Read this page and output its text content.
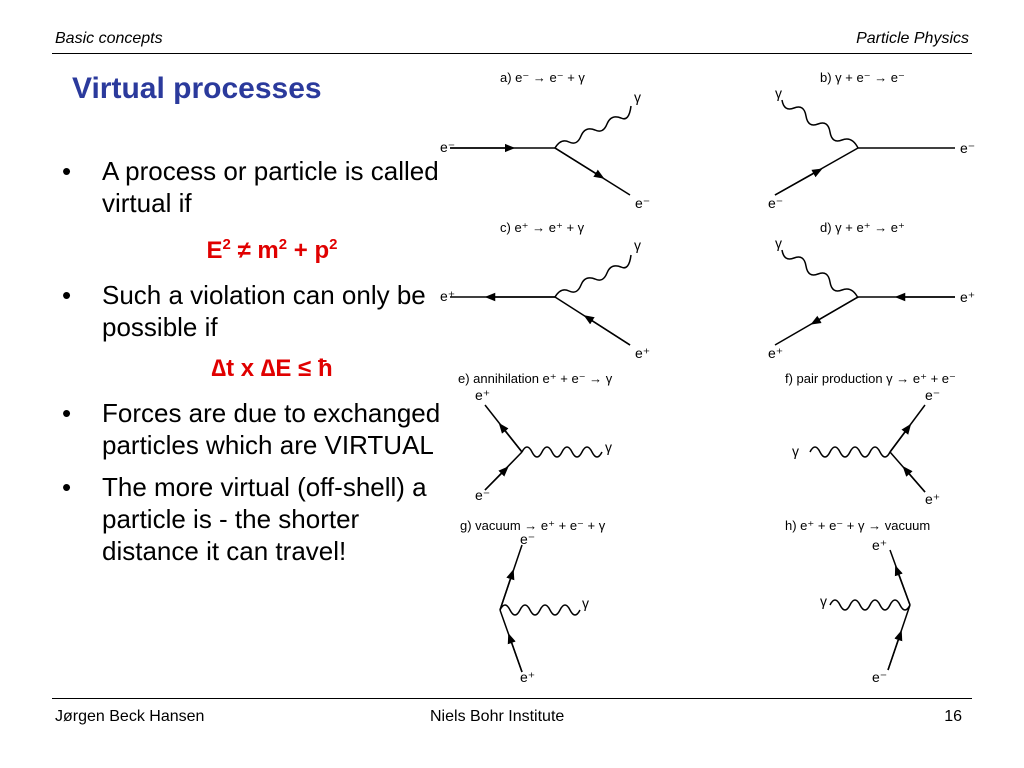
Basic concepts	Particle Physics
Virtual processes
• A process or particle is called virtual if
$E^2 \ne m^2 + p^2$
• Such a violation can only be possible if
∆t x ∆E ≤ ħ
• Forces are due to exchanged particles which are VIRTUAL
• The more virtual (off-shell) a particle is - the shorter distance it can travel!
a) e⁻ → e⁻ + γ
e⁻
e⁻
γ
b) γ + e⁻ → e⁻
γ
e⁻
e⁻
c) e⁺ → e⁺ + γ
e⁺
e⁺
γ
d) γ + e⁺ → e⁺
γ
e⁺
e⁺
e) annihilation e⁺ + e⁻ → γ
e⁺
e⁻
γ
f) pair production γ → e⁺ + e⁻
γ
e⁻
e⁺
g) vacuum → e⁺ + e⁻ + γ
e⁻
e⁺
γ
h) e⁺ + e⁻ + γ → vacuum
γ
e⁺
e⁻
Jørgen Beck Hansen	Niels Bohr Institute	16
